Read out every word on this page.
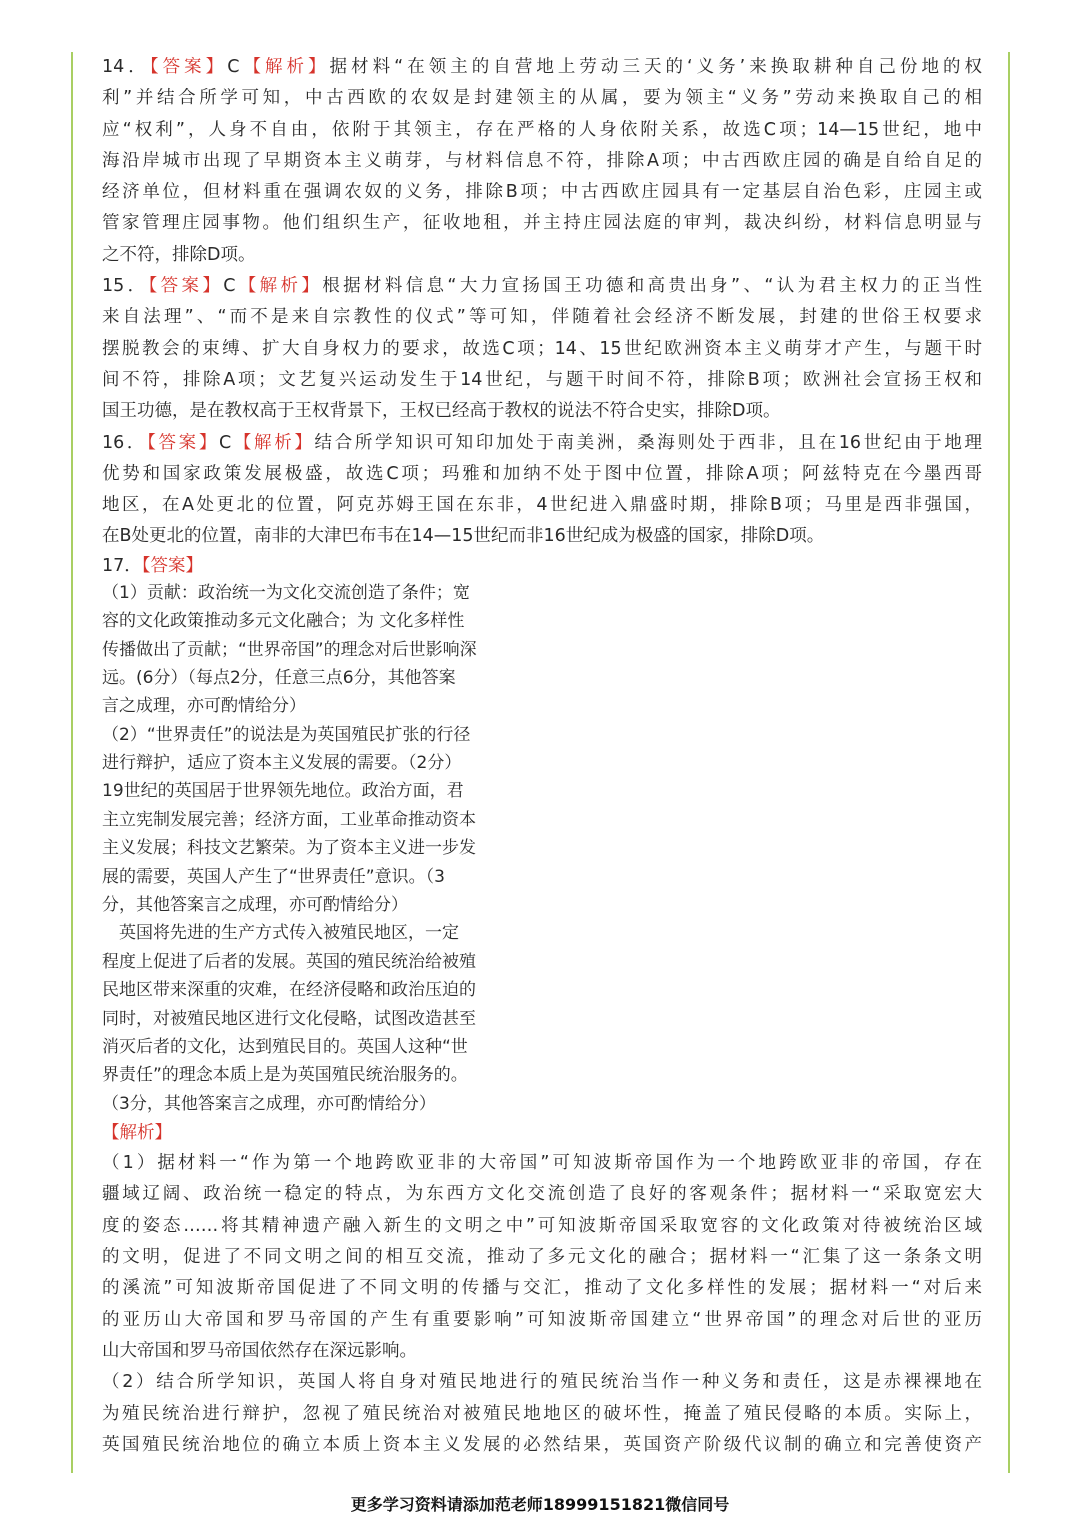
14．【答案】C【解析】据材料“在领主的自营地上劳动三天的‘义务’来换取耕种自己份地的权
利”并结合所学可知，中古西欧的农奴是封建领主的从属，要为领主“义务”劳动来换取自己的相
应“权利”，人身不自由，依附于其领主，存在严格的人身依附关系，故选C项；14—15世纪，地中
海沿岸城市出现了早期资本主义萌芽，与材料信息不符，排除A项；中古西欧庄园的确是自给自足的
经济单位，但材料重在强调农奴的义务，排除B项；中古西欧庄园具有一定基层自治色彩，庄园主或
管家管理庄园事物。他们组织生产，征收地租，并主持庄园法庭的审判，裁决纠纷，材料信息明显与
之不符，排除D项。
15．【答案】C【解析】根据材料信息“大力宣扬国王功德和高贵出身”、“认为君主权力的正当性
来自法理”、“而不是来自宗教性的仪式”等可知，伴随着社会经济不断发展，封建的世俗王权要求
摆脱教会的束缚、扩大自身权力的要求，故选C项；14、15世纪欧洲资本主义萌芽才产生，与题干时
间不符，排除A项；文艺复兴运动发生于14世纪，与题干时间不符，排除B项；欧洲社会宣扬王权和
国王功德，是在教权高于王权背景下，王权已经高于教权的说法不符合史实，排除D项。
16．【答案】C【解析】结合所学知识可知印加处于南美洲，桑海则处于西非，且在16世纪由于地理
优势和国家政策发展极盛，故选C项；玛雅和加纳不处于图中位置，排除A项；阿兹特克在今墨西哥
地区，在A处更北的位置，阿克苏姆王国在东非，4世纪进入鼎盛时期，排除B项；马里是西非强国，
在B处更北的位置，南非的大津巴布韦在14—15世纪而非16世纪成为极盛的国家，排除D项。
17．【答案】
（1）贡献：政治统一为文化交流创造了条件；宽
容的文化政策推动多元文化融合；为 文化多样性
传播做出了贡献；“世界帝国”的理念对后世影响深
远。(6分）（每点2分，任意三点6分，其他答案
言之成理，亦可酌情给分）
（2）“世界责任”的说法是为英国殖民扩张的行径
进行辩护，适应了资本主义发展的需要。（2分）
19世纪的英国居于世界领先地位。政治方面，君
主立宪制发展完善；经济方面，工业革命推动资本
主义发展；科技文艺繁荣。为了资本主义进一步发
展的需要，英国人产生了“世界责任”意识。（3
分，其他答案言之成理，亦可酌情给分）
　英国将先进的生产方式传入被殖民地区，一定
程度上促进了后者的发展。英国的殖民统治给被殖
民地区带来深重的灾难，在经济侵略和政治压迫的
同时，对被殖民地区进行文化侵略，试图改造甚至
消灭后者的文化，达到殖民目的。英国人这种“世
界责任”的理念本质上是为英国殖民统治服务的。
（3分，其他答案言之成理，亦可酌情给分）
【解析】
（1）据材料一“作为第一个地跨欧亚非的大帝国”可知波斯帝国作为一个地跨欧亚非的帝国，存在
疆域辽阔、政治统一稳定的特点，为东西方文化交流创造了良好的客观条件；据材料一“采取宽宏大
度的姿态……将其精神遗产融入新生的文明之中”可知波斯帝国采取宽容的文化政策对待被统治区域
的文明，促进了不同文明之间的相互交流，推动了多元文化的融合；据材料一“汇集了这一条条文明
的溪流”可知波斯帝国促进了不同文明的传播与交汇，推动了文化多样性的发展；据材料一“对后来
的亚历山大帝国和罗马帝国的产生有重要影响”可知波斯帝国建立“世界帝国”的理念对后世的亚历
山大帝国和罗马帝国依然存在深远影响。
（2）结合所学知识，英国人将自身对殖民地进行的殖民统治当作一种义务和责任，这是赤裸裸地在
为殖民统治进行辩护，忽视了殖民统治对被殖民地地区的破坏性，掩盖了殖民侵略的本质。实际上，
英国殖民统治地位的确立本质上资本主义发展的必然结果，英国资产阶级代议制的确立和完善使资产
更多学习资料请添加范老师18999151821微信同号
